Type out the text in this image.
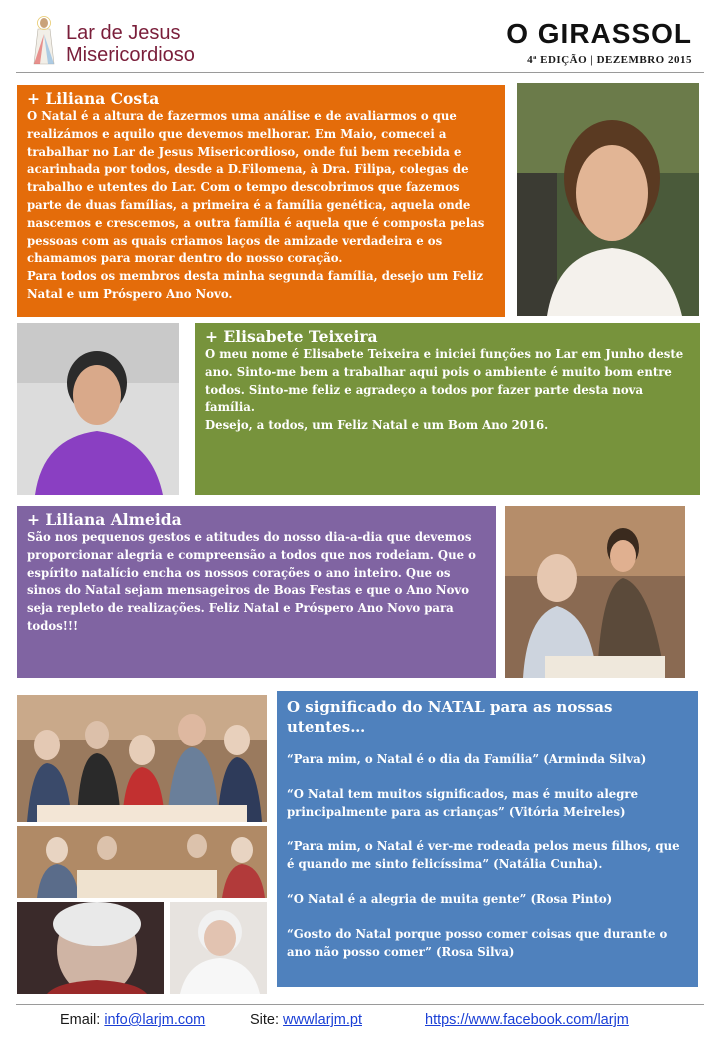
Lar de Jesus
Misericordioso
O GIRASSOL
4ª EDIÇÃO | DEZEMBRO 2015
+ Liliana Costa

O Natal é a altura de fazermos uma análise e de avaliarmos o que realizámos e aquilo que devemos melhorar. Em Maio, comecei a trabalhar no Lar de Jesus Misericordioso, onde fui bem recebida e acarinhada por todos, desde a D.Filomena, à Dra. Filipa, colegas de trabalho e utentes do Lar. Com o tempo descobrimos que fazemos parte de duas famílias, a primeira é a família genética, aquela onde nascemos e crescemos, a outra família é aquela que é composta pelas pessoas com as quais criamos laços de amizade verdadeira e os chamamos para morar dentro do nosso coração.

Para todos os membros desta minha segunda família, desejo um Feliz Natal e um Próspero Ano Novo.

+ Elisabete Teixeira

O meu nome é Elisabete Teixeira e iniciei funções no Lar em Junho deste ano. Sinto-me bem a trabalhar aqui pois o ambiente é muito bom entre todos. Sinto-me feliz e agradeço a todos por fazer parte desta nova família.

Desejo, a todos, um Feliz Natal e um Bom Ano 2016.

+ Liliana Almeida

São nos pequenos gestos e atitudes do nosso dia-a-dia que devemos proporcionar alegria e compreensão a todos que nos rodeiam. Que o espírito natalício encha os nossos corações o ano inteiro. Que os sinos do Natal sejam mensageiros de Boas Festas e que o Ano Novo seja repleto de realizações. Feliz Natal e Próspero Ano Novo para todos!!!

O significado do NATAL para as nossas utentes…

“Para mim, o Natal é o dia da Família” (Arminda Silva)

“O Natal tem muitos significados, mas é muito alegre principalmente para as crianças” (Vitória Meireles)

“Para mim, o Natal é ver-me rodeada pelos meus filhos, que é quando me sinto felicíssima” (Natália Cunha).

“O Natal é a alegria de muita gente” (Rosa Pinto)

“Gosto do Natal porque posso comer coisas que durante o ano não posso comer” (Rosa Silva)

Email: info@larjm.com	Site: wwwlarjm.pt	https://www.facebook.com/larjm
